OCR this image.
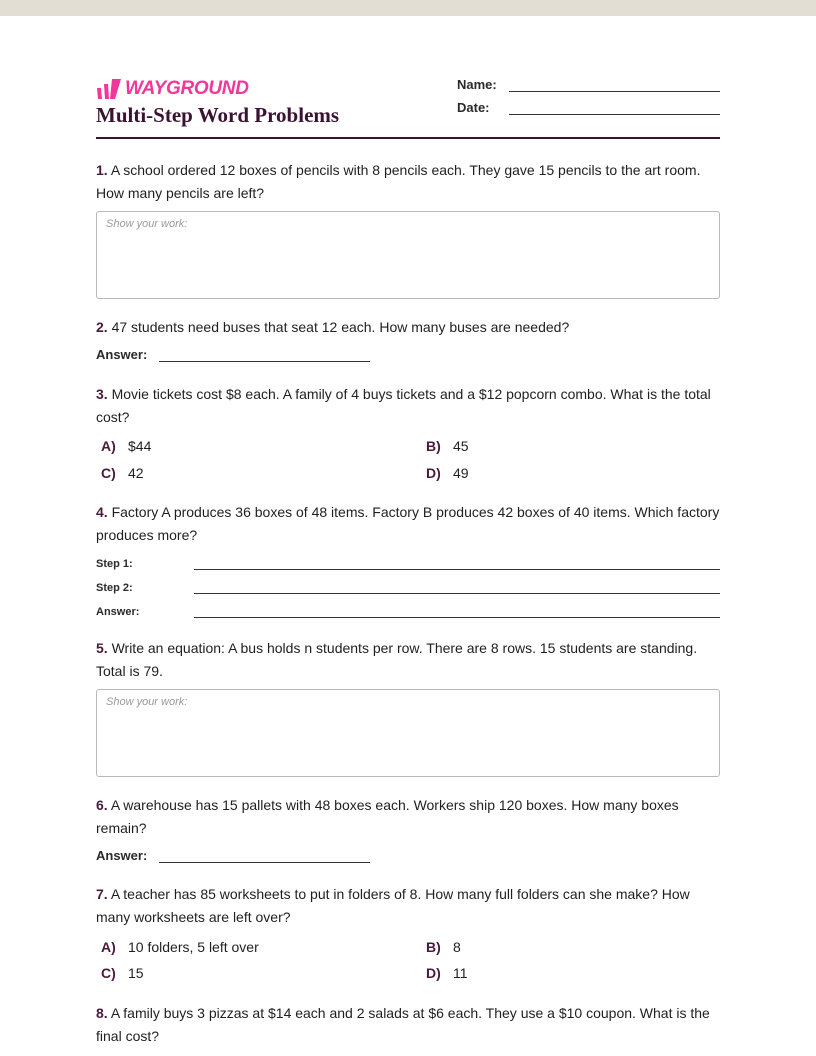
WAYGROUND
Multi-Step Word Problems
Name:
Date:
1. A school ordered 12 boxes of pencils with 8 pencils each. They gave 15 pencils to the art room. How many pencils are left?
Show your work:
2. 47 students need buses that seat 12 each. How many buses are needed?
Answer:
3. Movie tickets cost $8 each. A family of 4 buys tickets and a $12 popcorn combo. What is the total cost?
A) $44	B) 45
C) 42	D) 49
4. Factory A produces 36 boxes of 48 items. Factory B produces 42 boxes of 40 items. Which factory produces more?
Step 1:
Step 2:
Answer:
5. Write an equation: A bus holds n students per row. There are 8 rows. 15 students are standing. Total is 79.
Show your work:
6. A warehouse has 15 pallets with 48 boxes each. Workers ship 120 boxes. How many boxes remain?
Answer:
7. A teacher has 85 worksheets to put in folders of 8. How many full folders can she make? How many worksheets are left over?
A) 10 folders, 5 left over	B) 8
C) 15	D) 11
8. A family buys 3 pizzas at $14 each and 2 salads at $6 each. They use a $10 coupon. What is the final cost?
